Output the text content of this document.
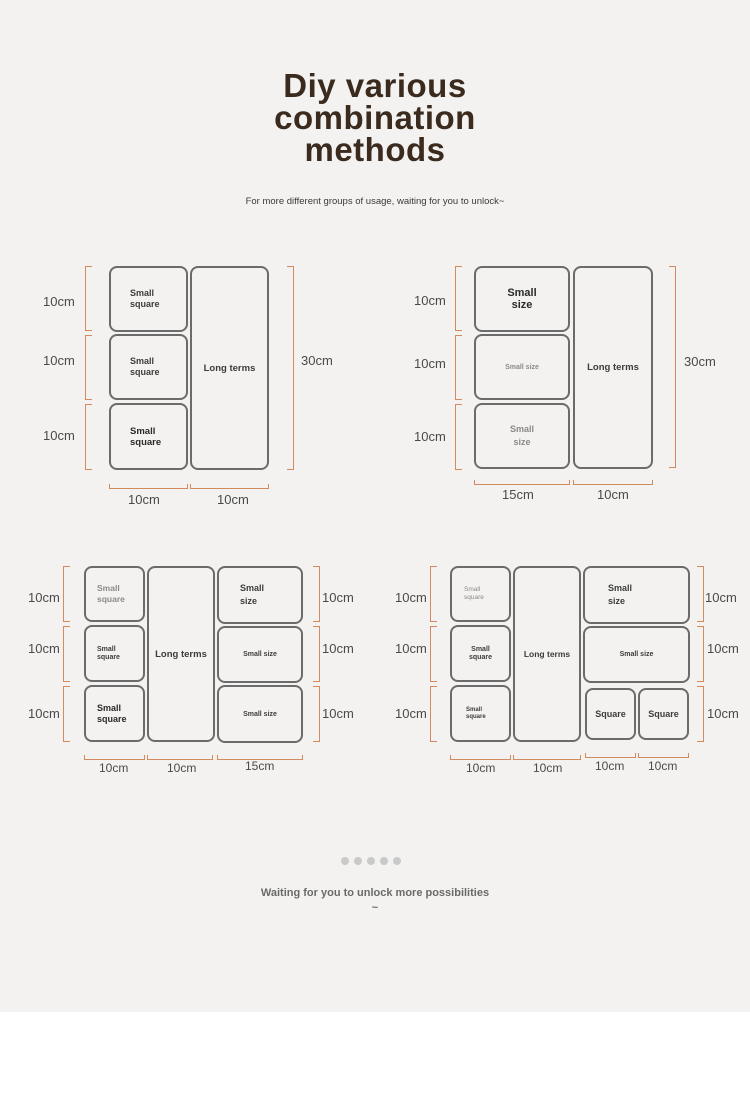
Diy various
combination
methods
For more different groups of usage, waiting for you to unlock~
10cm
10cm
10cm
30cm
Small square
Small square
Small square
Long terms
10cm	10cm
10cm
10cm
10cm
30cm
Small size
Small size
Small size
Long terms
15cm	10cm
10cm
10cm
10cm
10cm
10cm
10cm
Small square
Small square
Small square
Long terms
Small size
Small size
Small size
10cm	10cm	15cm
10cm
10cm
10cm
10cm
10cm
10cm
Small square
Small square
Small square
Long terms
Small size
Small size
Square Square
10cm	10cm	10cm 10cm
Waiting for you to unlock more possibilities ~
